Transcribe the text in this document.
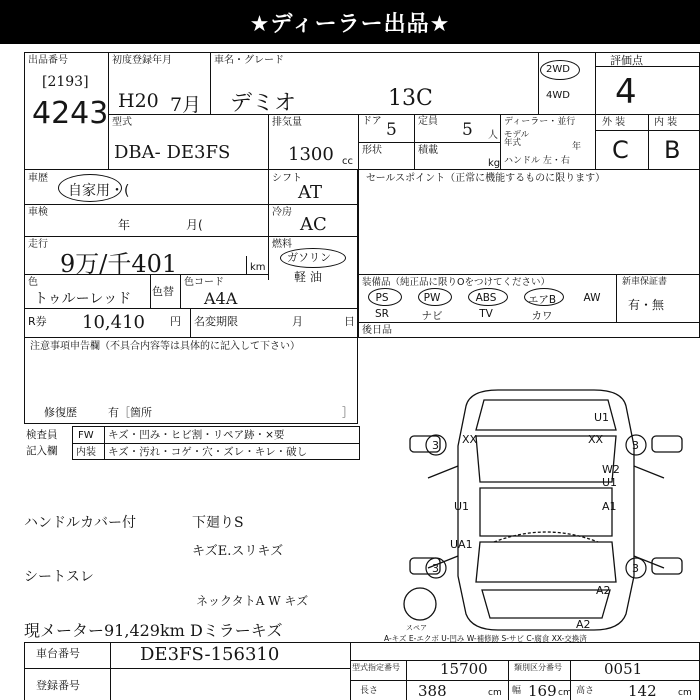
★ディーラー出品★
出品番号
[2193]
4243
初度登録年月
H20 7月
車名・グレード
デミオ	13C
2WD
4WD
評価点
4
外 装	内 装
C B
型式
DBA- DE3FS
排気量
1300 cc
ドア 5 定員 5 人
形状	積載
kg
ディーラー・並行
モデル年式	年
ハンドル 左・右
車歴
自家用・(
車検
年	月(
走行
9万/千401	km
色
トゥルーレッド 色替
色コード
A4A
R券 10,410 円 名変期限	月	日
シフト
AT
冷房
AC
燃料
ガソリン
軽 油
セールスポイント（正常に機能するものに限ります）
装備品（純正品に限りOをつけてください）	新車保証書
有・無
PS	PW	ABS	エアB	AW
SR	ナビ	TV	カワ
後日品
注意事項申告欄（不具合内容等は具体的に記入して下さい）
修復歴	有［箇所	］
検査員
記入欄
FW キズ・凹み・ヒビ割・リペア跡・×要
内装 キズ・汚れ・コゲ・穴・ズレ・キレ・破し
ハンドルカバー付	下廻りS
キズE.スリキズ
シートスレ
ネックタトA W キズ
現メーター91,429km Dミラーキズ
3 XX	XX	3
U1
W2
U1	A1
U1
UA1
3	3
A2
A2
スペア
A-キズ E-エクボ U-凹み W-補修跡 S-サビ C-腐食 XX-交換済
車台番号	DE3FS-156310
登録番号
型式指定番号	15700	類別区分番号	0051
長さ	388	cm 幅 169 cm 高さ 142 cm
